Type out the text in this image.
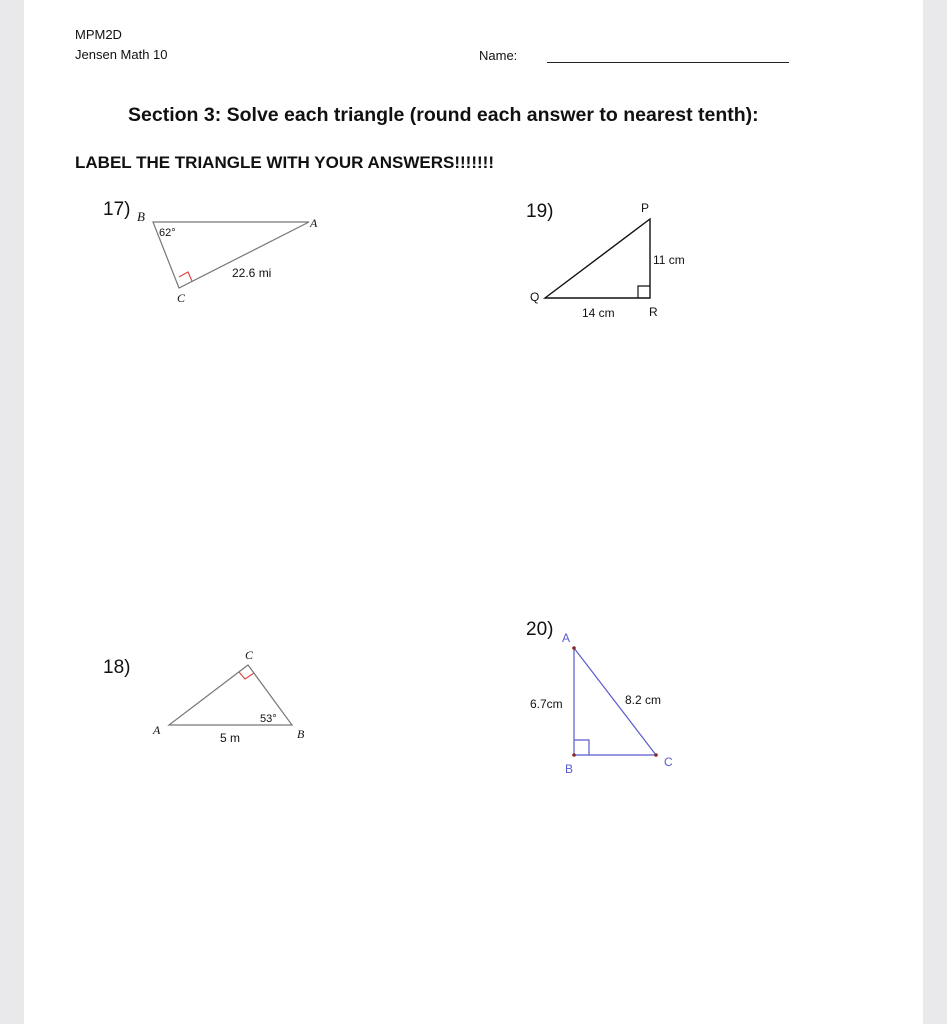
MPM2D
Jensen Math 10	Name:
Section 3: Solve each triangle (round each answer to nearest tenth):
LABEL THE TRIANGLE WITH YOUR ANSWERS!!!!!!!
17) B	A
C
62°
22.6 mi
19)	P
Q
R
11 cm
14 cm
18)
A	B
C
53°
5 m
20) A
B	C
6.7cm	8.2 cm
